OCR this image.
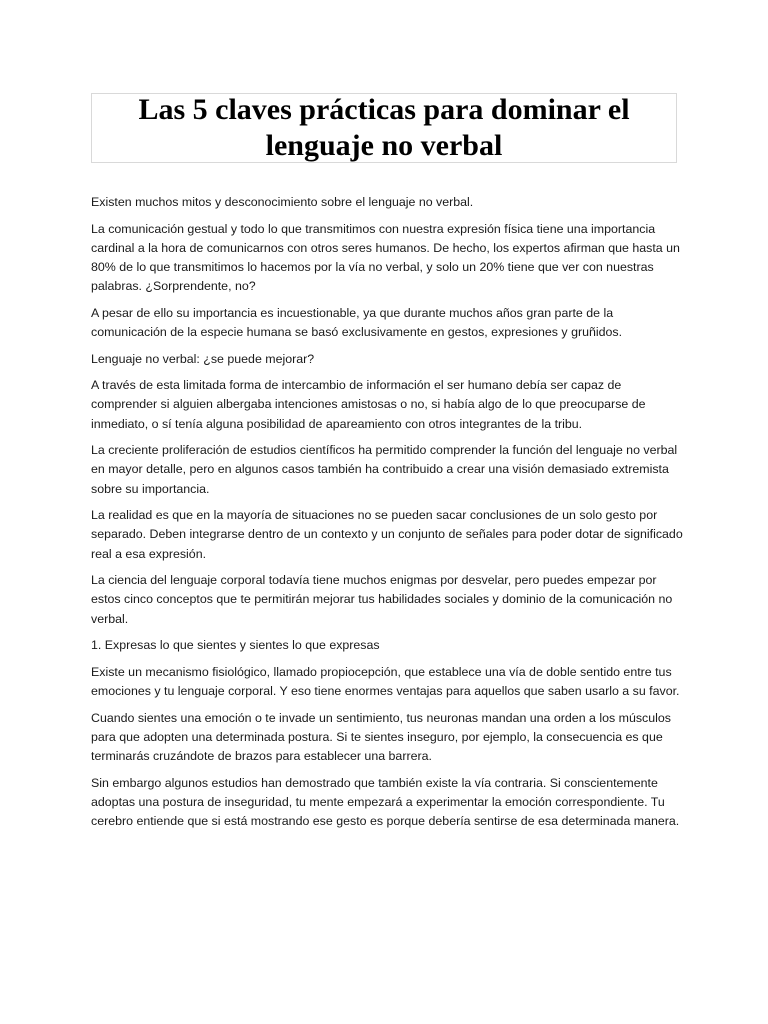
Las 5 claves prácticas para dominar el
lenguaje no verbal

Existen muchos mitos y desconocimiento sobre el lenguaje no verbal.

La comunicación gestual y todo lo que transmitimos con nuestra expresión física tiene una importancia cardinal a la hora de comunicarnos con otros seres humanos. De hecho, los expertos afirman que hasta un 80% de lo que transmitimos lo hacemos por la vía no verbal, y solo un 20% tiene que ver con nuestras palabras. ¿Sorprendente, no?

A pesar de ello su importancia es incuestionable, ya que durante muchos años gran parte de la comunicación de la especie humana se basó exclusivamente en gestos, expresiones y gruñidos.

Lenguaje no verbal: ¿se puede mejorar?

A través de esta limitada forma de intercambio de información el ser humano debía ser capaz de comprender si alguien albergaba intenciones amistosas o no, si había algo de lo que preocuparse de inmediato, o sí tenía alguna posibilidad de apareamiento con otros integrantes de la tribu.

La creciente proliferación de estudios científicos ha permitido comprender la función del lenguaje no verbal en mayor detalle, pero en algunos casos también ha contribuido a crear una visión demasiado extremista sobre su importancia.

La realidad es que en la mayoría de situaciones no se pueden sacar conclusiones de un solo gesto por separado. Deben integrarse dentro de un contexto y un conjunto de señales para poder dotar de significado real a esa expresión.

La ciencia del lenguaje corporal todavía tiene muchos enigmas por desvelar, pero puedes empezar por estos cinco conceptos que te permitirán mejorar tus habilidades sociales y dominio de la comunicación no verbal.

1. Expresas lo que sientes y sientes lo que expresas

Existe un mecanismo fisiológico, llamado propiocepción, que establece una vía de doble sentido entre tus emociones y tu lenguaje corporal. Y eso tiene enormes ventajas para aquellos que saben usarlo a su favor.

Cuando sientes una emoción o te invade un sentimiento, tus neuronas mandan una orden a los músculos para que adopten una determinada postura. Si te sientes inseguro, por ejemplo, la consecuencia es que terminarás cruzándote de brazos para establecer una barrera.

Sin embargo algunos estudios han demostrado que también existe la vía contraria. Si conscientemente adoptas una postura de inseguridad, tu mente empezará a experimentar la emoción correspondiente. Tu cerebro entiende que si está mostrando ese gesto es porque debería sentirse de esa determinada manera.
